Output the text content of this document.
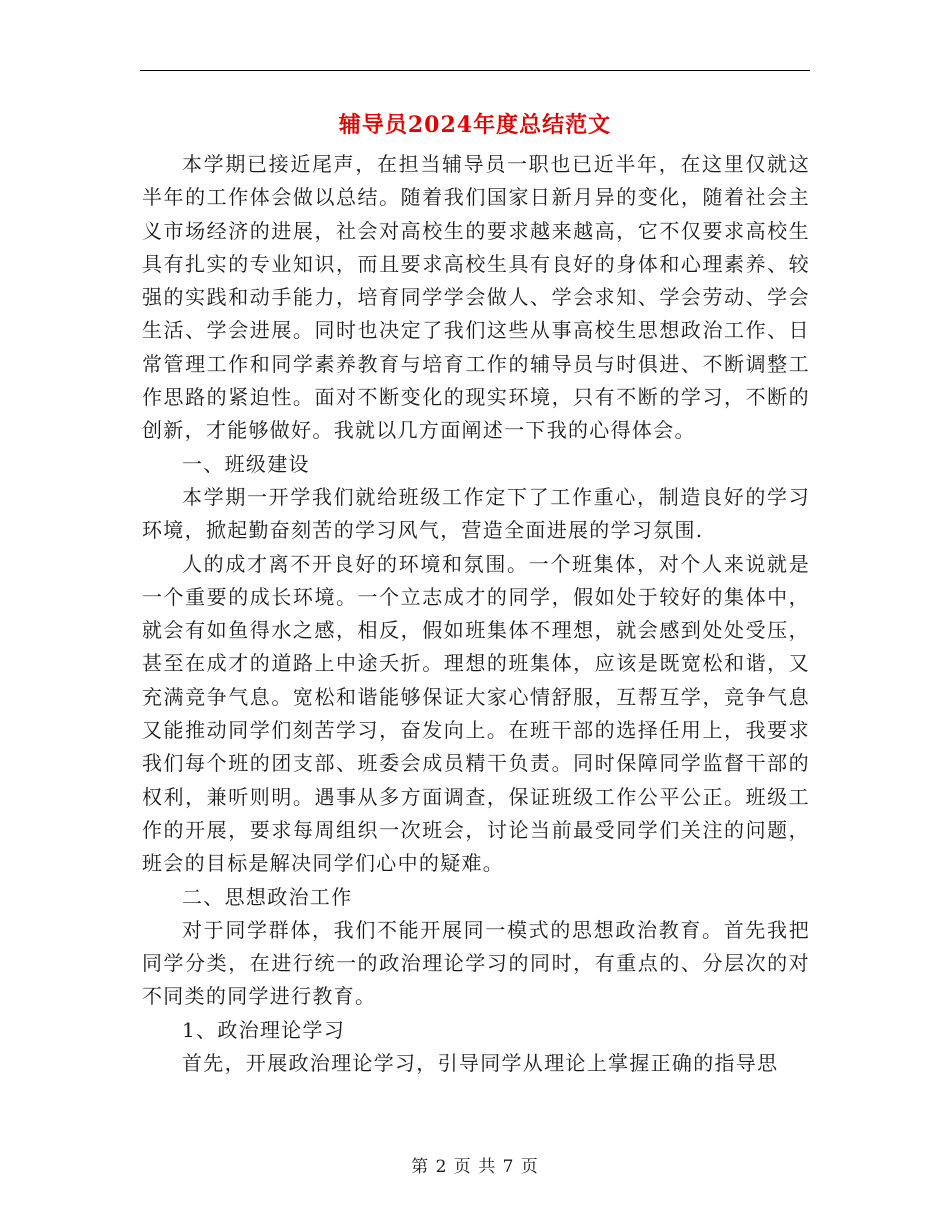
辅导员2024年度总结范文

本学期已接近尾声，在担当辅导员一职也已近半年，在这里仅就这半年的工作体会做以总结。随着我们国家日新月异的变化，随着社会主义市场经济的进展，社会对高校生的要求越来越高，它不仅要求高校生具有扎实的专业知识，而且要求高校生具有良好的身体和心理素养、较强的实践和动手能力，培育同学学会做人、学会求知、学会劳动、学会生活、学会进展。同时也决定了我们这些从事高校生思想政治工作、日常管理工作和同学素养教育与培育工作的辅导员与时俱进、不断调整工作思路的紧迫性。面对不断变化的现实环境，只有不断的学习，不断的创新，才能够做好。我就以几方面阐述一下我的心得体会。

一、班级建设

本学期一开学我们就给班级工作定下了工作重心，制造良好的学习环境，掀起勤奋刻苦的学习风气，营造全面进展的学习氛围.

人的成才离不开良好的环境和氛围。一个班集体，对个人来说就是一个重要的成长环境。一个立志成才的同学，假如处于较好的集体中，就会有如鱼得水之感，相反，假如班集体不理想，就会感到处处受压，甚至在成才的道路上中途夭折。理想的班集体，应该是既宽松和谐，又充满竞争气息。宽松和谐能够保证大家心情舒服，互帮互学，竞争气息又能推动同学们刻苦学习，奋发向上。在班干部的选择任用上，我要求我们每个班的团支部、班委会成员精干负责。同时保障同学监督干部的权利，兼听则明。遇事从多方面调查，保证班级工作公平公正。班级工作的开展，要求每周组织一次班会，讨论当前最受同学们关注的问题，班会的目标是解决同学们心中的疑难。

二、思想政治工作

对于同学群体，我们不能开展同一模式的思想政治教育。首先我把同学分类，在进行统一的政治理论学习的同时，有重点的、分层次的对不同类的同学进行教育。

1、政治理论学习

首先，开展政治理论学习，引导同学从理论上掌握正确的指导思

第 2 页 共 7 页
